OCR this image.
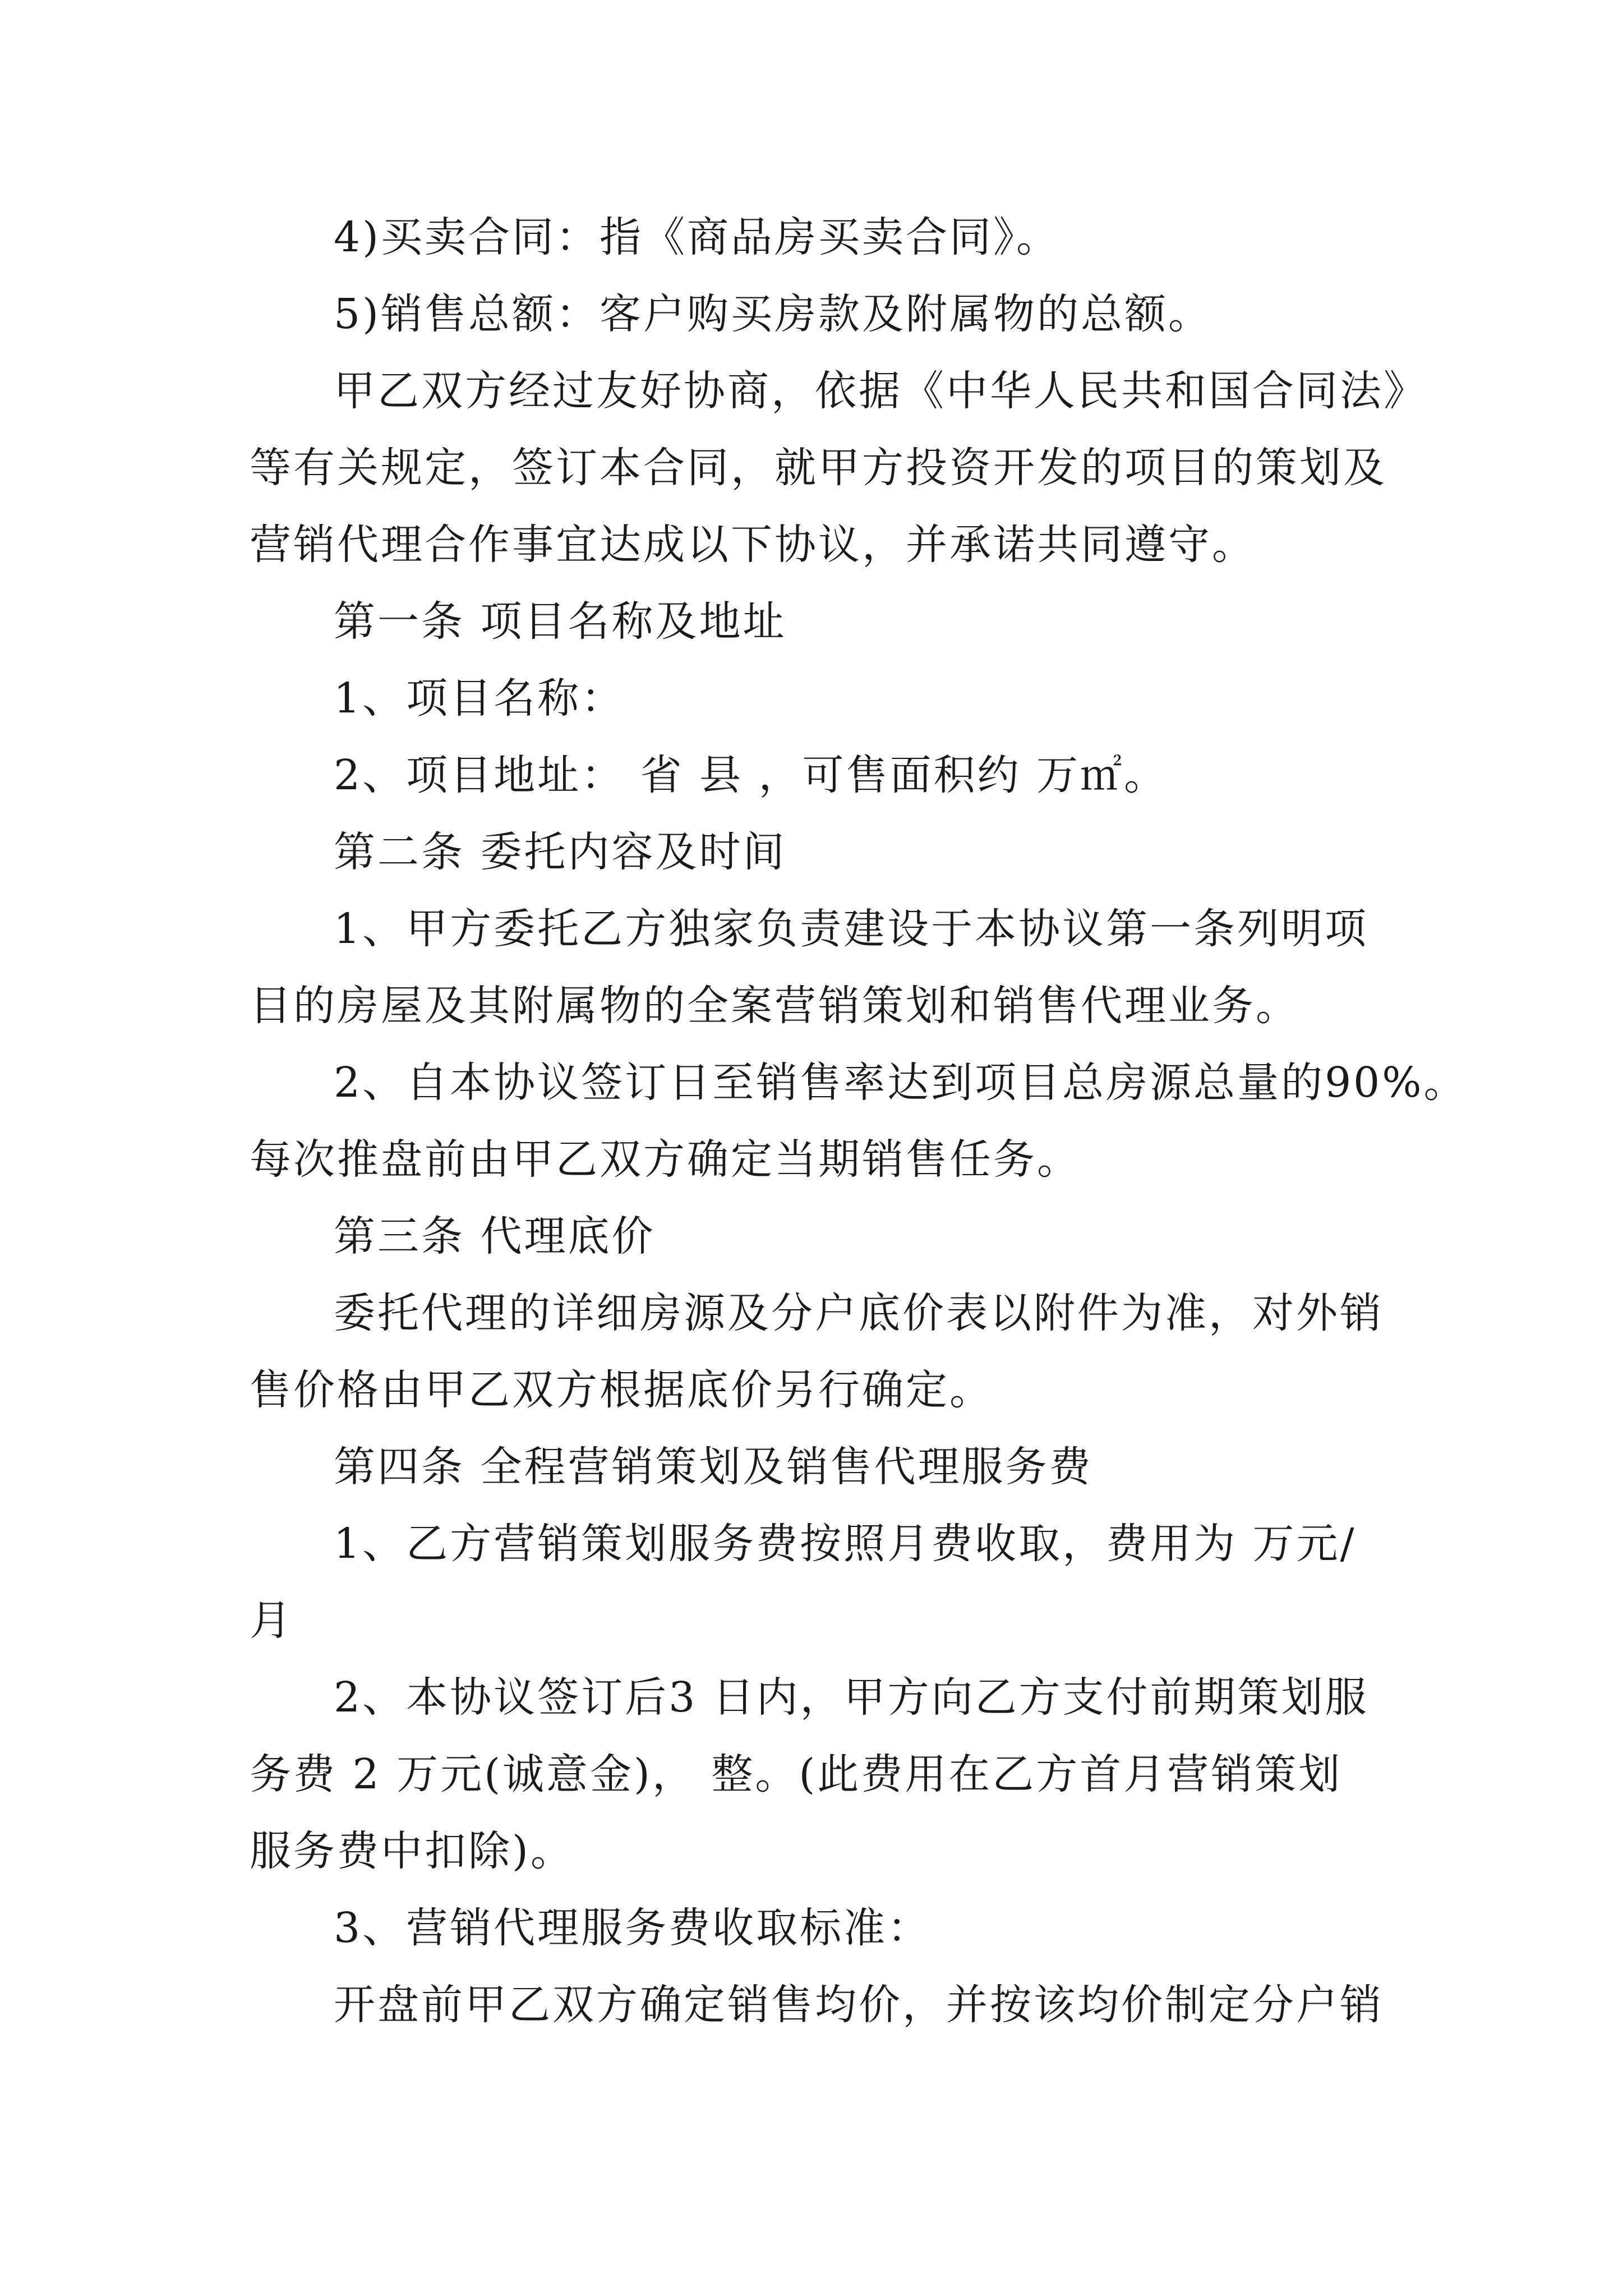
4)买卖合同：指《商品房买卖合同》。
5)销售总额：客户购买房款及附属物的总额。
甲乙双方经过友好协商，依据《中华人民共和国合同法》
等有关规定，签订本合同，就甲方投资开发的项目的策划及
营销代理合作事宜达成以下协议，并承诺共同遵守。
第一条 项目名称及地址
1、项目名称：
2、项目地址： 省 县 ，可售面积约 万㎡。
第二条 委托内容及时间
1、甲方委托乙方独家负责建设于本协议第一条列明项
目的房屋及其附属物的全案营销策划和销售代理业务。
2、自本协议签订日至销售率达到项目总房源总量的90%。
每次推盘前由甲乙双方确定当期销售任务。
第三条 代理底价
委托代理的详细房源及分户底价表以附件为准，对外销
售价格由甲乙双方根据底价另行确定。
第四条 全程营销策划及销售代理服务费
1、乙方营销策划服务费按照月费收取，费用为 万元/
月
2、本协议签订后3 日内，甲方向乙方支付前期策划服
务费 2 万元(诚意金)， 整。(此费用在乙方首月营销策划
服务费中扣除)。
3、营销代理服务费收取标准：
开盘前甲乙双方确定销售均价，并按该均价制定分户销
